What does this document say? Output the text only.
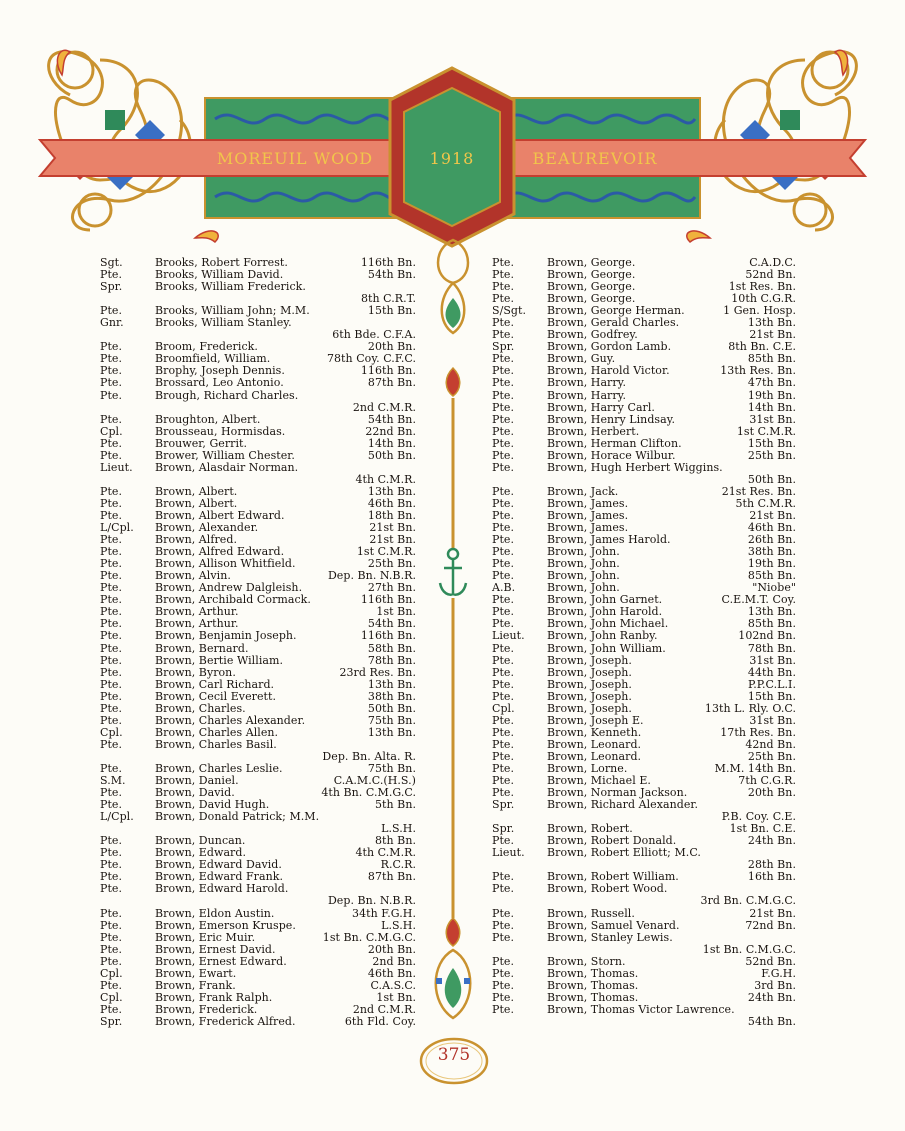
MOREUIL WOOD	1918	BEAUREVOIR
Sgt.	Brooks, Robert Forrest.	116th Bn.
Pte.	Brooks, William David.	54th Bn.
Spr.	Brooks, William Frederick.
8th C.R.T.
Pte.	Brooks, William John; M.M.	15th Bn.
Gnr.	Brooks, William Stanley.
6th Bde. C.F.A.
Pte.	Broom, Frederick.	20th Bn.
Pte.	Broomfield, William.	78th Coy. C.F.C.
Pte.	Brophy, Joseph Dennis.	116th Bn.
Pte.	Brossard, Leo Antonio.	87th Bn.
Pte.	Brough, Richard Charles.
2nd C.M.R.
Pte.	Broughton, Albert.	54th Bn.
Cpl.	Brousseau, Hormisdas.	22nd Bn.
Pte.	Brouwer, Gerrit.	14th Bn.
Pte.	Brower, William Chester.	50th Bn.
Lieut. Brown, Alasdair Norman.
4th C.M.R.
Pte.	Brown, Albert.	13th Bn.
Pte.	Brown, Albert.	46th Bn.
Pte.	Brown, Albert Edward.	18th Bn.
L/Cpl. Brown, Alexander.	21st Bn.
Pte.	Brown, Alfred.	21st Bn.
Pte.	Brown, Alfred Edward.	1st C.M.R.
Pte.	Brown, Allison Whitfield.	25th Bn.
Pte.	Brown, Alvin.	Dep. Bn. N.B.R.
Pte.	Brown, Andrew Dalgleish.	27th Bn.
Pte.	Brown, Archibald Cormack.	116th Bn.
Pte.	Brown, Arthur.	1st Bn.
Pte.	Brown, Arthur.	54th Bn.
Pte.	Brown, Benjamin Joseph.	116th Bn.
Pte.	Brown, Bernard.	58th Bn.
Pte.	Brown, Bertie William.	78th Bn.
Pte.	Brown, Byron.	23rd Res. Bn.
Pte.	Brown, Carl Richard.	13th Bn.
Pte.	Brown, Cecil Everett.	38th Bn.
Pte.	Brown, Charles.	50th Bn.
Pte.	Brown, Charles Alexander.	75th Bn.
Cpl.	Brown, Charles Allen.	13th Bn.
Pte.	Brown, Charles Basil.
Dep. Bn. Alta. R.
Pte.	Brown, Charles Leslie.	75th Bn.
S.M.	Brown, Daniel.	C.A.M.C.(H.S.)
Pte.	Brown, David.	4th Bn. C.M.G.C.
Pte.	Brown, David Hugh.	5th Bn.
L/Cpl. Brown, Donald Patrick; M.M.
L.S.H.
Pte.	Brown, Duncan.	8th Bn.
Pte.	Brown, Edward.	4th C.M.R.
Pte.	Brown, Edward David.	R.C.R.
Pte.	Brown, Edward Frank.	87th Bn.
Pte.	Brown, Edward Harold.
Dep. Bn. N.B.R.
Pte.	Brown, Eldon Austin.	34th F.G.H.
Pte.	Brown, Emerson Kruspe.	L.S.H.
Pte.	Brown, Eric Muir.	1st Bn. C.M.G.C.
Pte.	Brown, Ernest David.	20th Bn.
Pte.	Brown, Ernest Edward.	2nd Bn.
Cpl.	Brown, Ewart.	46th Bn.
Pte.	Brown, Frank.	C.A.S.C.
Cpl.	Brown, Frank Ralph.	1st Bn.
Pte.	Brown, Frederick.	2nd C.M.R.
Spr.	Brown, Frederick Alfred.	6th Fld. Coy.
Pte.	Brown, George.	C.A.D.C.
Pte.	Brown, George.	52nd Bn.
Pte.	Brown, George.	1st Res. Bn.
Pte.	Brown, George.	10th C.G.R.
S/Sgt. Brown, George Herman.	1 Gen. Hosp.
Pte.	Brown, Gerald Charles.	13th Bn.
Pte.	Brown, Godfrey.	21st Bn.
Spr.	Brown, Gordon Lamb.	8th Bn. C.E.
Pte.	Brown, Guy.	85th Bn.
Pte.	Brown, Harold Victor.	13th Res. Bn.
Pte.	Brown, Harry.	47th Bn.
Pte.	Brown, Harry.	19th Bn.
Pte.	Brown, Harry Carl.	14th Bn.
Pte.	Brown, Henry Lindsay.	31st Bn.
Pte.	Brown, Herbert.	1st C.M.R.
Pte.	Brown, Herman Clifton.	15th Bn.
Pte.	Brown, Horace Wilbur.	25th Bn.
Pte.	Brown, Hugh Herbert Wiggins.
50th Bn.
Pte.	Brown, Jack.	21st Res. Bn.
Pte.	Brown, James.	5th C.M.R.
Pte.	Brown, James.	21st Bn.
Pte.	Brown, James.	46th Bn.
Pte.	Brown, James Harold.	26th Bn.
Pte.	Brown, John.	38th Bn.
Pte.	Brown, John.	19th Bn.
Pte.	Brown, John.	85th Bn.
A.B.	Brown, John.	"Niobe"
Pte.	Brown, John Garnet.	C.E.M.T. Coy.
Pte.	Brown, John Harold.	13th Bn.
Pte.	Brown, John Michael.	85th Bn.
Lieut. Brown, John Ranby.	102nd Bn.
Pte.	Brown, John William.	78th Bn.
Pte.	Brown, Joseph.	31st Bn.
Pte.	Brown, Joseph.	44th Bn.
Pte.	Brown, Joseph.	P.P.C.L.I.
Pte.	Brown, Joseph.	15th Bn.
Cpl.	Brown, Joseph.	13th L. Rly. O.C.
Pte.	Brown, Joseph E.	31st Bn.
Pte.	Brown, Kenneth.	17th Res. Bn.
Pte.	Brown, Leonard.	42nd Bn.
Pte.	Brown, Leonard.	25th Bn.
Pte.	Brown, Lorne.	M.M. 14th Bn.
Pte.	Brown, Michael E.	7th C.G.R.
Pte.	Brown, Norman Jackson.	20th Bn.
Spr.	Brown, Richard Alexander.
P.B. Coy. C.E.
Spr.	Brown, Robert.	1st Bn. C.E.
Pte.	Brown, Robert Donald.	24th Bn.
Lieut. Brown, Robert Elliott; M.C.
28th Bn.
Pte.	Brown, Robert William.	16th Bn.
Pte.	Brown, Robert Wood.
3rd Bn. C.M.G.C.
Pte.	Brown, Russell.	21st Bn.
Pte.	Brown, Samuel Venard.	72nd Bn.
Pte.	Brown, Stanley Lewis.
1st Bn. C.M.G.C.
Pte.	Brown, Storn.	52nd Bn.
Pte.	Brown, Thomas.	F.G.H.
Pte.	Brown, Thomas.	3rd Bn.
Pte.	Brown, Thomas.	24th Bn.
Pte.	Brown, Thomas Victor Lawrence.
54th Bn.
375
